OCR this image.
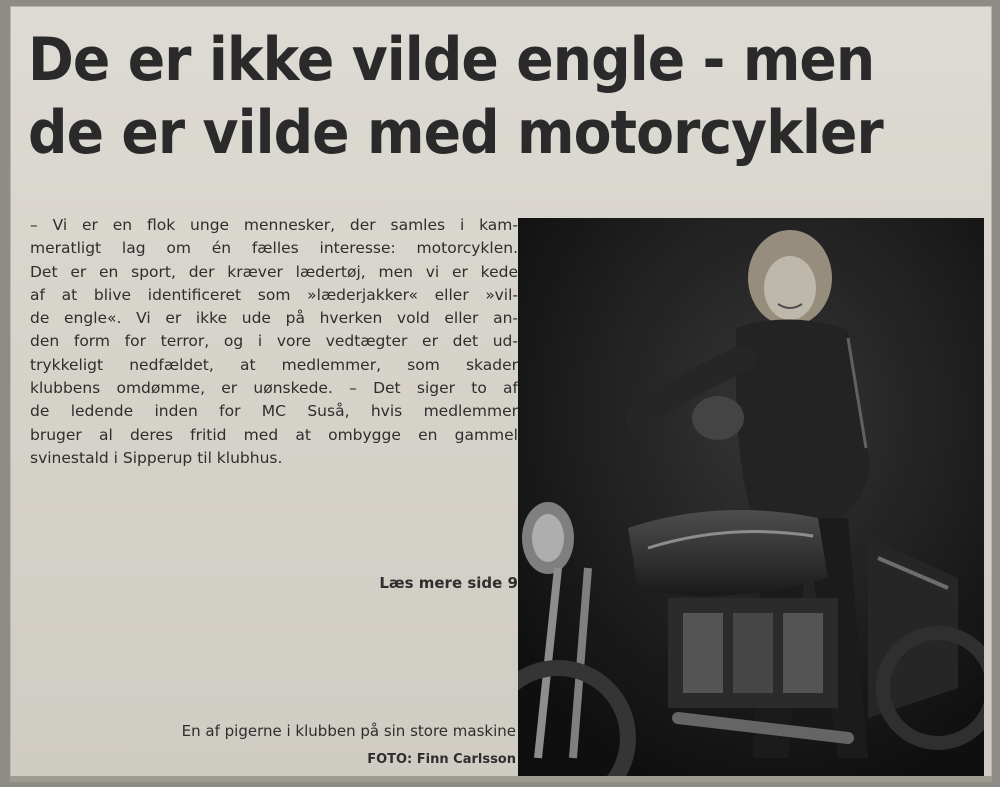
De er ikke vilde engle - men
de er vilde med motorcykler
– Vi er en flok unge mennesker, der samles i kam-
meratligt lag om én fælles interesse: motorcyklen.
Det er en sport, der kræver lædertøj, men vi er kede
af at blive identificeret som »læderjakker« eller »vil-
de engle«. Vi er ikke ude på hverken vold eller an-
den form for terror, og i vore vedtægter er det ud-
trykkeligt nedfældet, at medlemmer, som skader
klubbens omdømme, er uønskede. – Det siger to af
de ledende inden for MC Suså, hvis medlemmer
bruger al deres fritid med at ombygge en gammel
svinestald i Sipperup til klubhus.
Læs mere side 9
En af pigerne i klubben på sin store maskine
FOTO: Finn Carlsson
